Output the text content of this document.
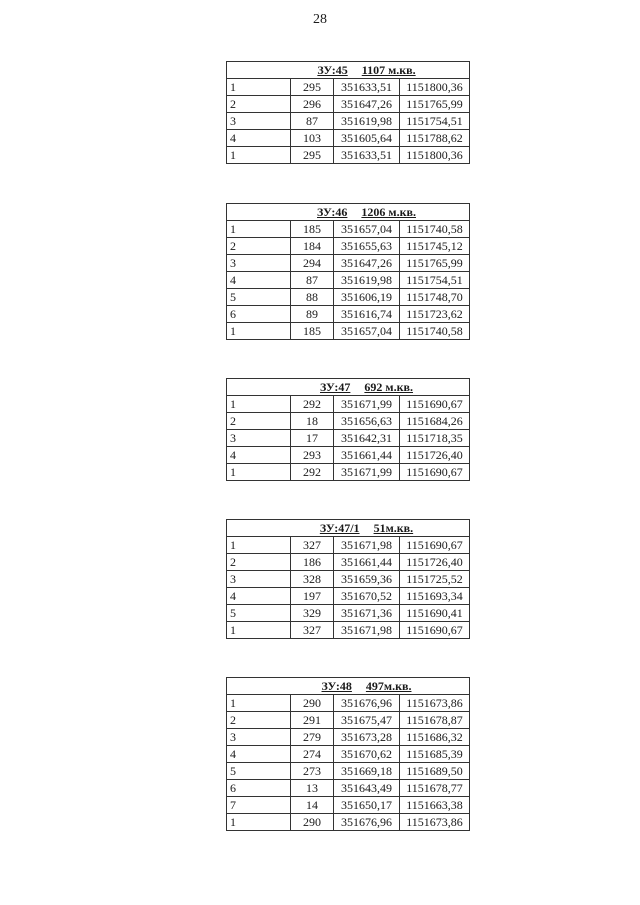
28
ЗУ:45 1107 м.кв.			
1	295	351633,51	1151800,36
2	296	351647,26	1151765,99
3	87	351619,98	1151754,51
4	103	351605,64	1151788,62
1	295	351633,51	1151800,36
ЗУ:46 1206 м.кв.			
1	185	351657,04	1151740,58
2	184	351655,63	1151745,12
3	294	351647,26	1151765,99
4	87	351619,98	1151754,51
5	88	351606,19	1151748,70
6	89	351616,74	1151723,62
1	185	351657,04	1151740,58
ЗУ:47 692 м.кв.			
1	292	351671,99	1151690,67
2	18	351656,63	1151684,26
3	17	351642,31	1151718,35
4	293	351661,44	1151726,40
1	292	351671,99	1151690,67
ЗУ:47/1 51м.кв.			
1	327	351671,98	1151690,67
2	186	351661,44	1151726,40
3	328	351659,36	1151725,52
4	197	351670,52	1151693,34
5	329	351671,36	1151690,41
1	327	351671,98	1151690,67
ЗУ:48 497м.кв.			
1	290	351676,96	1151673,86
2	291	351675,47	1151678,87
3	279	351673,28	1151686,32
4	274	351670,62	1151685,39
5	273	351669,18	1151689,50
6	13	351643,49	1151678,77
7	14	351650,17	1151663,38
1	290	351676,96	1151673,86
